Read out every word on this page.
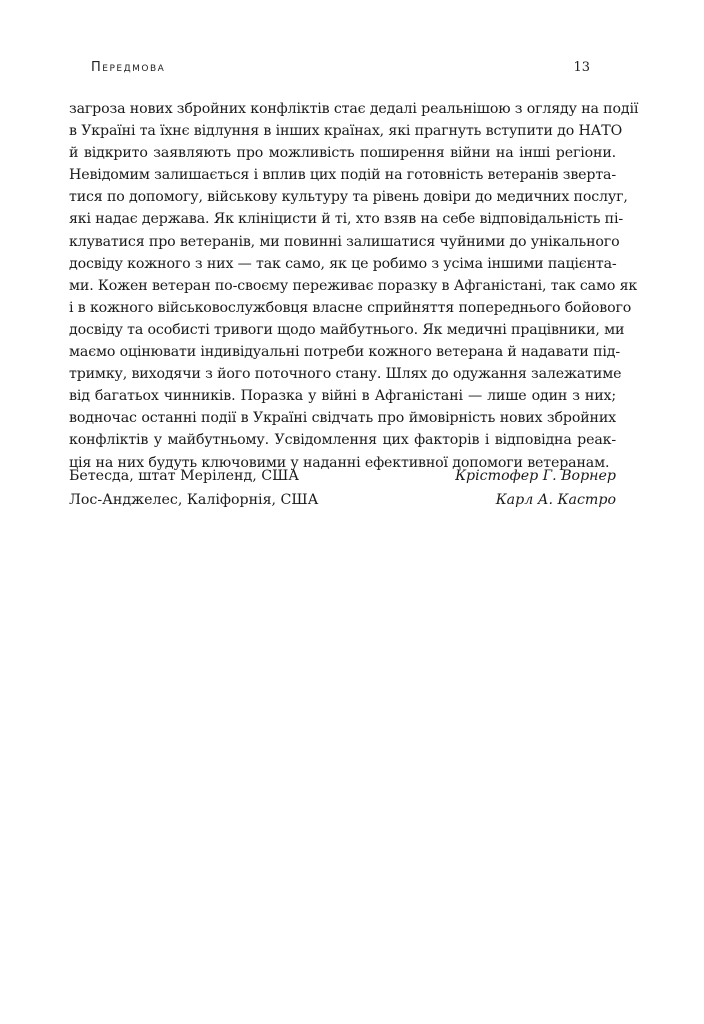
Передмова	13
загроза нових збройних конфліктів стає дедалі реальнішою з огляду на події
в Україні та їхнє відлуння в інших країнах, які прагнуть вступити до НАТО
й відкрито заявляють про можливість поширення війни на інші регіони.
Невідомим залишається і вплив цих подій на готовність ветеранів зверта-
тися по допомогу, військову культуру та рівень довіри до медичних послуг,
які надає держава. Як клініцисти й ті, хто взяв на себе відповідальність пі-
клуватися про ветеранів, ми повинні залишатися чуйними до унікального
досвіду кожного з них — так само, як це робимо з усіма іншими пацієнта-
ми. Кожен ветеран по-своєму переживає поразку в Афганістані, так само як
і в кожного військовослужбовця власне сприйняття попереднього бойового
досвіду та особисті тривоги щодо майбутнього. Як медичні працівники, ми
маємо оцінювати індивідуальні потреби кожного ветерана й надавати під-
тримку, виходячи з його поточного стану. Шлях до одужання залежатиме
від багатьох чинників. Поразка у війні в Афганістані — лише один з них;
водночас останні події в Україні свідчать про ймовірність нових збройних
конфліктів у майбутньому. Усвідомлення цих факторів і відповідна реак-
ція на них будуть ключовими у наданні ефективної допомоги ветеранам.
Бетесда, штат Меріленд, США	Крістофер Г. Ворнер
Лос-Анджелес, Каліфорнія, США	Карл А. Кастро
